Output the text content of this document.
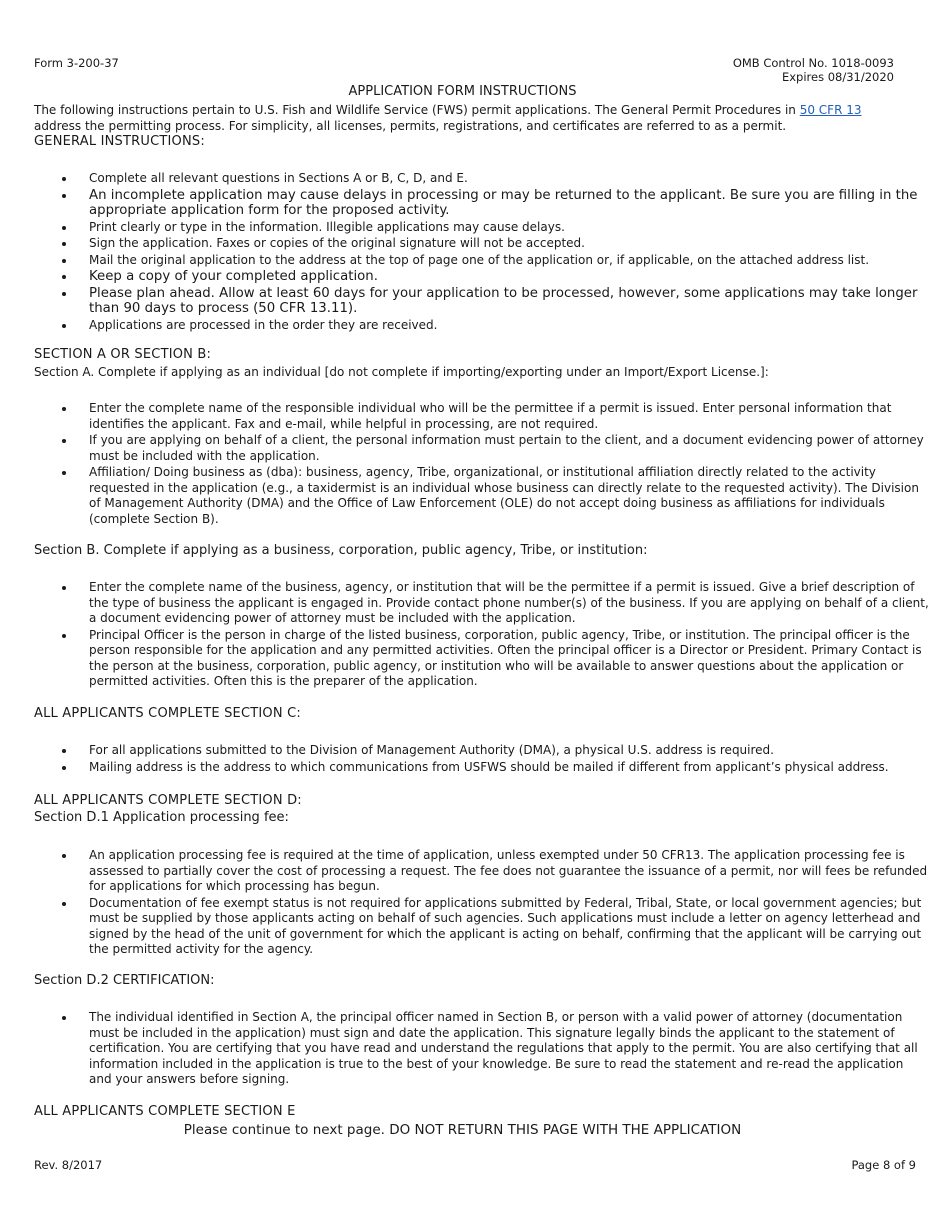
Form 3-200-37	OMB Control No. 1018-0093
Expires 08/31/2020
APPLICATION FORM INSTRUCTIONS

The following instructions pertain to U.S. Fish and Wildlife Service (FWS) permit applications. The General Permit Procedures in 50 CFR 13 address the permitting process. For simplicity, all licenses, permits, registrations, and certificates are referred to as a permit.

GENERAL INSTRUCTIONS:
Complete all relevant questions in Sections A or B, C, D, and E.
An incomplete application may cause delays in processing or may be returned to the applicant. Be sure you are filling in the appropriate application form for the proposed activity.
Print clearly or type in the information. Illegible applications may cause delays.
Sign the application. Faxes or copies of the original signature will not be accepted.
Mail the original application to the address at the top of page one of the application or, if applicable, on the attached address list.
Keep a copy of your completed application.
Please plan ahead. Allow at least 60 days for your application to be processed, however, some applications may take longer than 90 days to process (50 CFR 13.11).
Applications are processed in the order they are received.
SECTION A OR SECTION B:
Section A. Complete if applying as an individual [do not complete if importing/exporting under an Import/Export License.]:
Enter the complete name of the responsible individual who will be the permittee if a permit is issued. Enter personal information that identifies the applicant. Fax and e-mail, while helpful in processing, are not required.
If you are applying on behalf of a client, the personal information must pertain to the client, and a document evidencing power of attorney must be included with the application.
Affiliation/ Doing business as (dba): business, agency, Tribe, organizational, or institutional affiliation directly related to the activity requested in the application (e.g., a taxidermist is an individual whose business can directly relate to the requested activity). The Division of Management Authority (DMA) and the Office of Law Enforcement (OLE) do not accept doing business as affiliations for individuals (complete Section B).
Section B. Complete if applying as a business, corporation, public agency, Tribe, or institution:
Enter the complete name of the business, agency, or institution that will be the permittee if a permit is issued. Give a brief description of the type of business the applicant is engaged in. Provide contact phone number(s) of the business. If you are applying on behalf of a client, a document evidencing power of attorney must be included with the application.
Principal Officer is the person in charge of the listed business, corporation, public agency, Tribe, or institution. The principal officer is the person responsible for the application and any permitted activities. Often the principal officer is a Director or President. Primary Contact is the person at the business, corporation, public agency, or institution who will be available to answer questions about the application or permitted activities. Often this is the preparer of the application.
ALL APPLICANTS COMPLETE SECTION C:
For all applications submitted to the Division of Management Authority (DMA), a physical U.S. address is required.
Mailing address is the address to which communications from USFWS should be mailed if different from applicant’s physical address.
ALL APPLICANTS COMPLETE SECTION D:
Section D.1 Application processing fee:
An application processing fee is required at the time of application, unless exempted under 50 CFR13. The application processing fee is assessed to partially cover the cost of processing a request. The fee does not guarantee the issuance of a permit, nor will fees be refunded for applications for which processing has begun.
Documentation of fee exempt status is not required for applications submitted by Federal, Tribal, State, or local government agencies; but must be supplied by those applicants acting on behalf of such agencies. Such applications must include a letter on agency letterhead and signed by the head of the unit of government for which the applicant is acting on behalf, confirming that the applicant will be carrying out the permitted activity for the agency.
Section D.2 CERTIFICATION:
The individual identified in Section A, the principal officer named in Section B, or person with a valid power of attorney (documentation must be included in the application) must sign and date the application. This signature legally binds the applicant to the statement of certification. You are certifying that you have read and understand the regulations that apply to the permit. You are also certifying that all information included in the application is true to the best of your knowledge. Be sure to read the statement and re-read the application and your answers before signing.
ALL APPLICANTS COMPLETE SECTION E
Please continue to next page. DO NOT RETURN THIS PAGE WITH THE APPLICATION
Rev. 8/2017	Page 8 of 9
